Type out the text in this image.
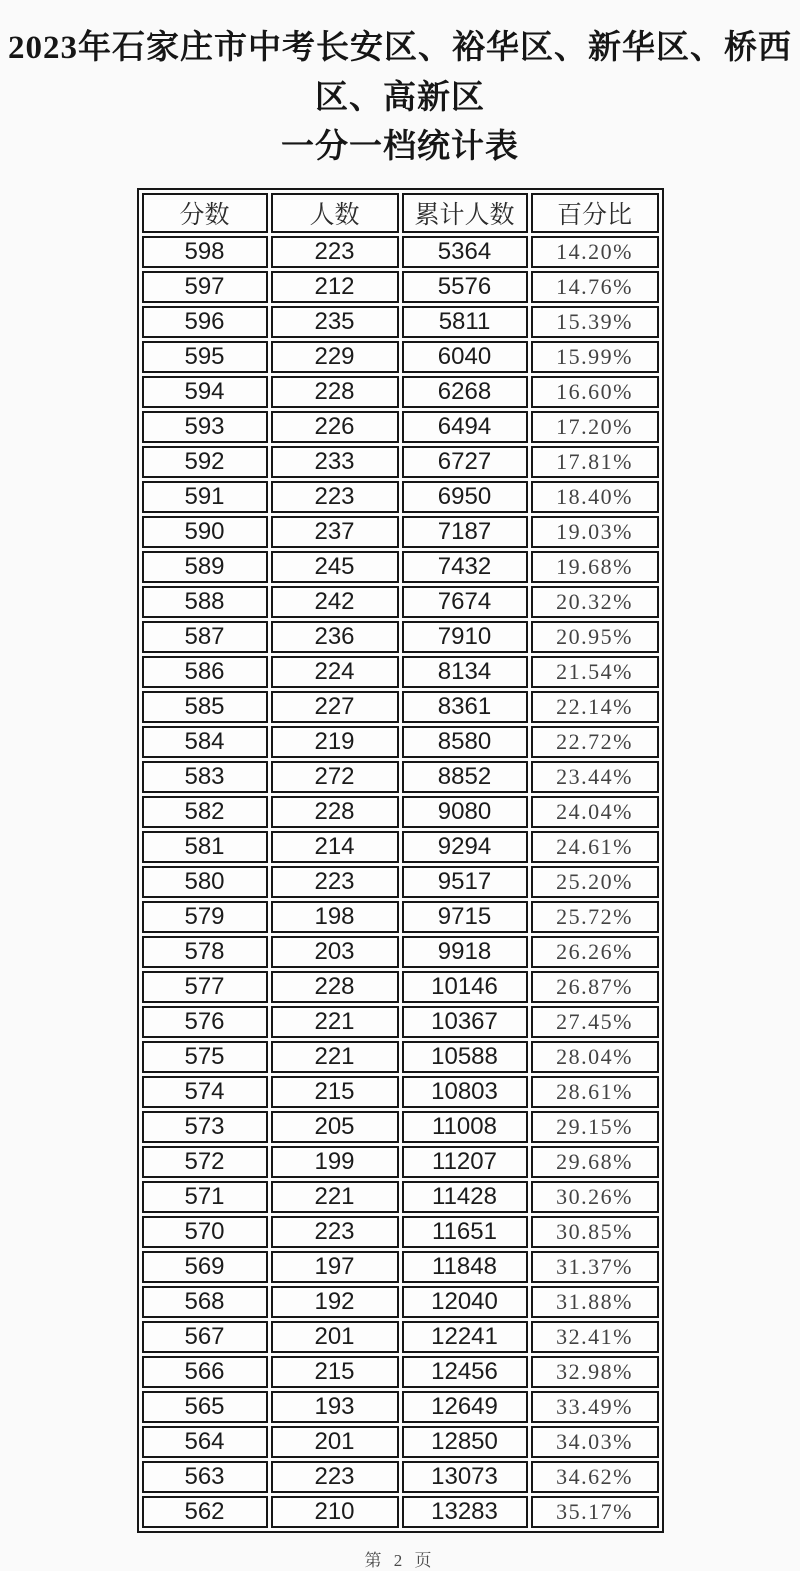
2023年石家庄市中考长安区、裕华区、新华区、桥西区、高新区
一分一档统计表
分数	人数	累计人数	百分比
598	223	5364	14.20%
597	212	5576	14.76%
596	235	5811	15.39%
595	229	6040	15.99%
594	228	6268	16.60%
593	226	6494	17.20%
592	233	6727	17.81%
591	223	6950	18.40%
590	237	7187	19.03%
589	245	7432	19.68%
588	242	7674	20.32%
587	236	7910	20.95%
586	224	8134	21.54%
585	227	8361	22.14%
584	219	8580	22.72%
583	272	8852	23.44%
582	228	9080	24.04%
581	214	9294	24.61%
580	223	9517	25.20%
579	198	9715	25.72%
578	203	9918	26.26%
577	228	10146	26.87%
576	221	10367	27.45%
575	221	10588	28.04%
574	215	10803	28.61%
573	205	11008	29.15%
572	199	11207	29.68%
571	221	11428	30.26%
570	223	11651	30.85%
569	197	11848	31.37%
568	192	12040	31.88%
567	201	12241	32.41%
566	215	12456	32.98%
565	193	12649	33.49%
564	201	12850	34.03%
563	223	13073	34.62%
562	210	13283	35.17%
第 2 页
